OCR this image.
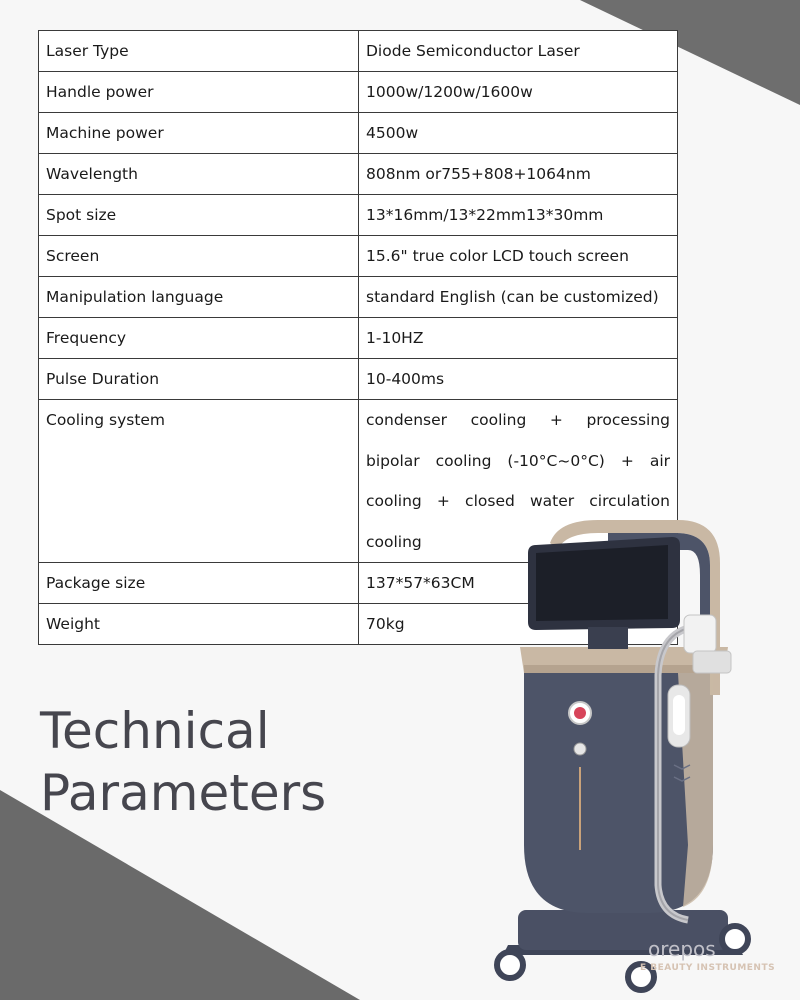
Laser Type	Diode Semiconductor Laser
Handle power	1000w/1200w/1600w
Machine power	4500w
Wavelength	808nm or755+808+1064nm
Spot size	13*16mm/13*22mm13*30mm
Screen	15.6" true color LCD touch screen
Manipulation language	standard English (can be customized)
Frequency	1-10HZ
Pulse Duration	10-400ms
Cooling system	condenser cooling + processing bipolar cooling (-10°C~0°C) + air cooling + closed water circulation cooling

Package size	137*57*63CM
Weight	70kg
Technical
Parameters
orepos
E BEAUTY INSTRUMENTS
